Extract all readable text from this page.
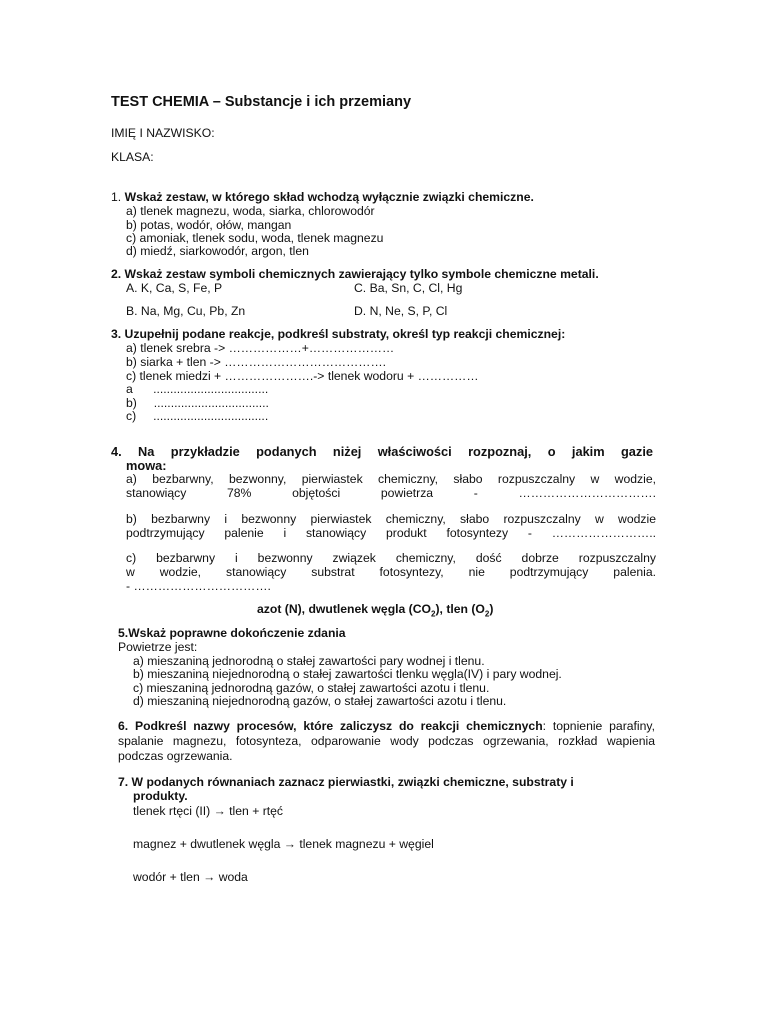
TEST CHEMIA – Substancje i ich przemiany
IMIĘ I NAZWISKO:
KLASA:
1. Wskaż zestaw, w którego skład wchodzą wyłącznie związki chemiczne.
a) tlenek magnezu, woda, siarka, chlorowodór
b) potas, wodór, ołów, mangan
c) amoniak, tlenek sodu, woda, tlenek magnezu
d) miedź, siarkowodór, argon, tlen
2. Wskaż zestaw symboli chemicznych zawierający tylko symbole chemiczne metali.
A. K, Ca, S, Fe, P	C. Ba, Sn, C, Cl, Hg
B. Na, Mg, Cu, Pb, Zn	D. N, Ne, S, P, Cl
3. Uzupełnij podane reakcje, podkreśl substraty, określ typ reakcji chemicznej:
a) tlenek srebra -> ………………+…………………
b) siarka + tlen -> ………………………………….
c) tlenek miedzi + ………………….-> tlenek wodoru + ……………
a      ..................................
b)     ..................................
c)     ..................................
4. Na przykładzie podanych niżej właściwości rozpoznaj, o jakim gazie
mowa:
a) bezbarwny, bezwonny, pierwiastek chemiczny, słabo rozpuszczalny w wodzie,
stanowiący 78% objętości powietrza - …………………………….
b) bezbarwny i bezwonny pierwiastek chemiczny, słabo rozpuszczalny w wodzie
podtrzymujący palenie i stanowiący produkt fotosyntezy - ……………………..
c) bezbarwny i bezwonny związek chemiczny, dość dobrze rozpuszczalny
w wodzie, stanowiący substrat fotosyntezy, nie podtrzymujący palenia.
- …………………………….
azot (N), dwutlenek węgla $(CO_2)$, tlen $(O_2)$
5.Wskaż poprawne dokończenie zdania
Powietrze jest:
a) mieszaniną jednorodną o stałej zawartości pary wodnej i tlenu.
b) mieszaniną niejednorodną o stałej zawartości tlenku węgla(IV) i pary wodnej.
c) mieszaniną jednorodną gazów, o stałej zawartości azotu i tlenu.
d) mieszaniną niejednorodną gazów, o stałej zawartości azotu i tlenu.
6. Podkreśl nazwy procesów, które zaliczysz do reakcji chemicznych: topnienie parafiny,
spalanie magnezu, fotosynteza, odparowanie wody podczas ogrzewania, rozkład wapienia
podczas ogrzewania.
7. W podanych równaniach zaznacz pierwiastki, związki chemiczne, substraty i
produkty.
tlenek rtęci (II) → tlen + rtęć
magnez + dwutlenek węgla → tlenek magnezu + węgiel
wodór + tlen → woda
